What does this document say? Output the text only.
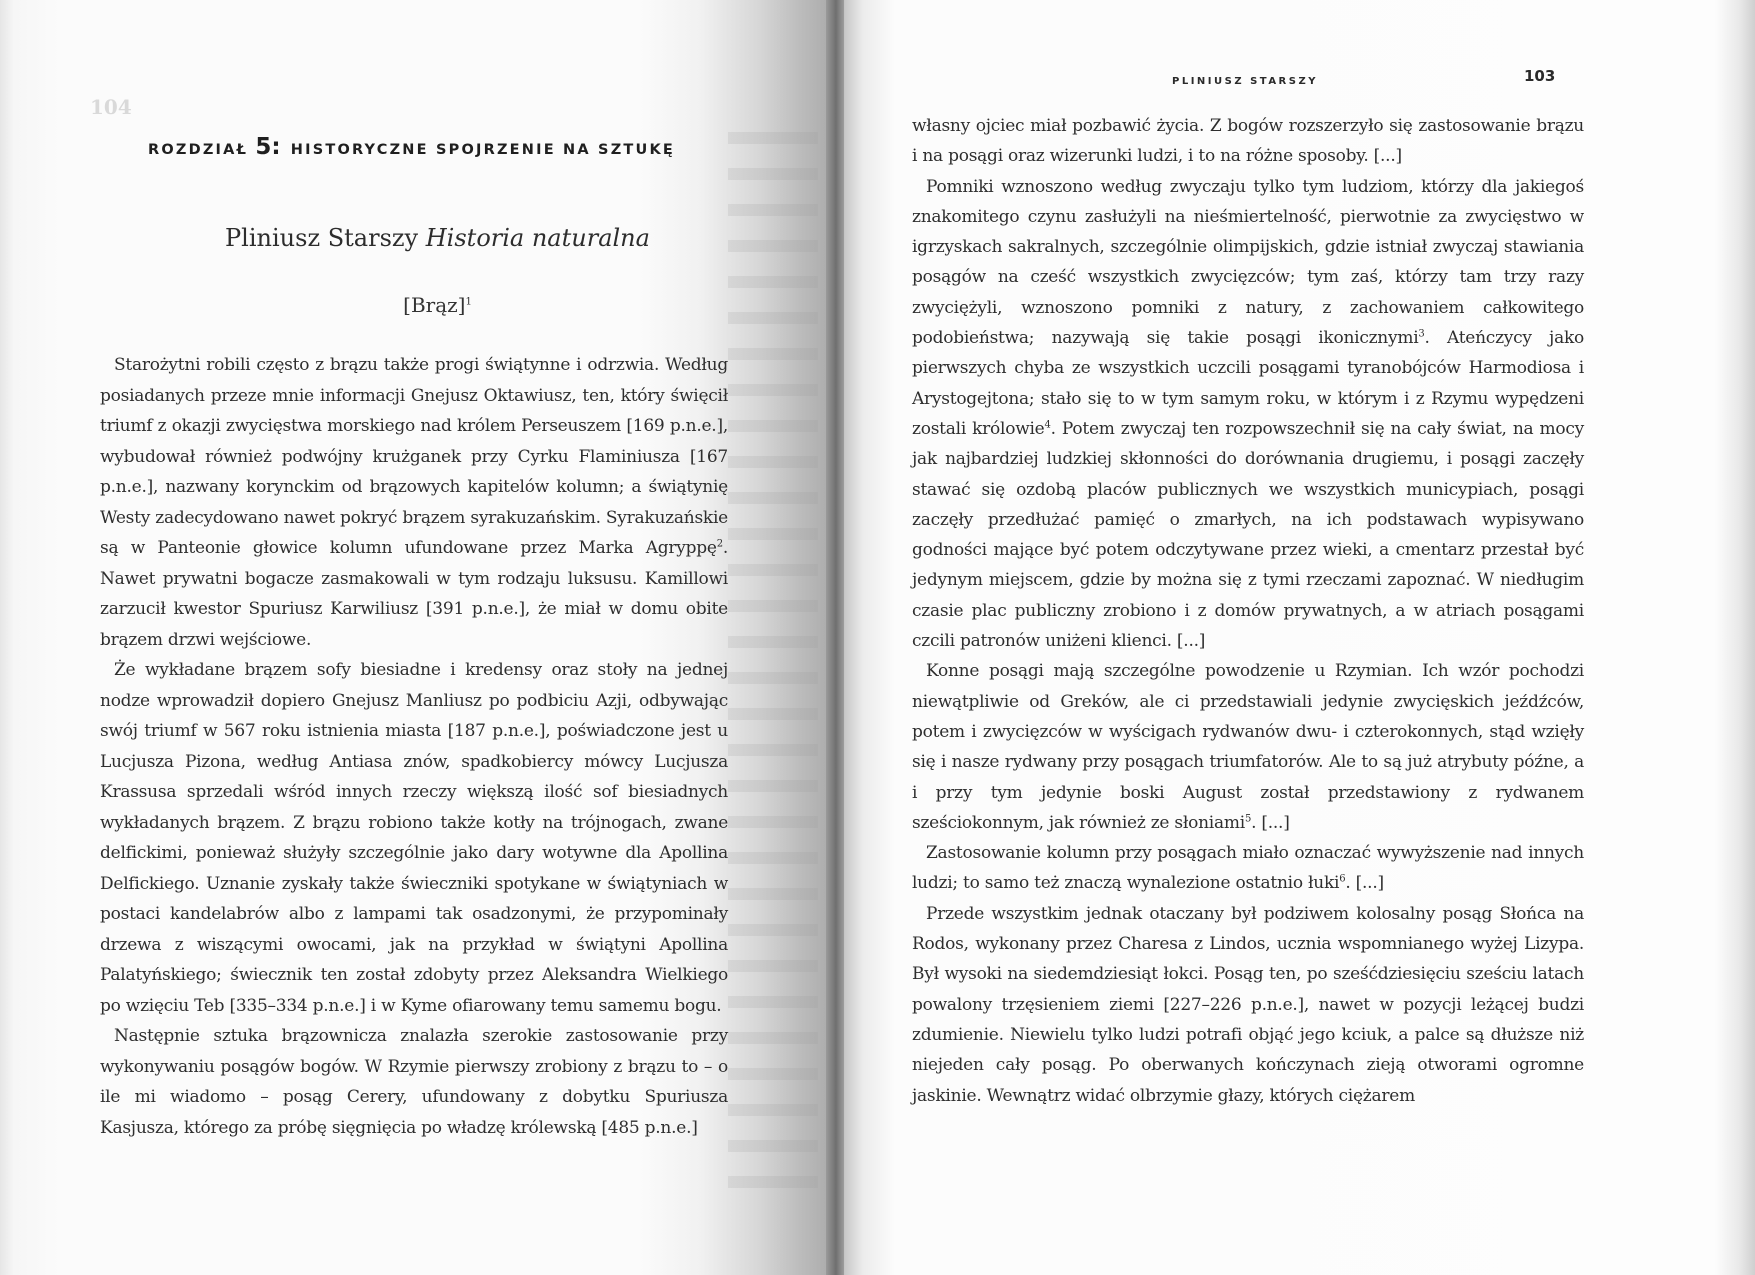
104
ROZDZIAŁ 5: HISTORYCZNE SPOJRZENIE NA SZTUKĘ
Pliniusz Starszy Historia naturalna
[Brąz]$^1$

Starożytni robili często z brązu także progi świątynne i odrzwia. Według posiadanych przeze mnie informacji Gnejusz Oktawiusz, ten, który święcił triumf z okazji zwycięstwa morskiego nad królem Perseuszem [169 p.n.e.], wybudował również podwójny krużganek przy Cyrku Flaminiusza [167 p.n.e.], nazwany korynckim od brązowych kapitelów kolumn; a świątynię Westy zadecydowano nawet pokryć brązem syrakuzańskim. Syrakuzańskie są w Panteonie głowice kolumn ufundowane przez Marka Agryppę$^2$. Nawet prywatni bogacze zasmakowali w tym rodzaju luksusu. Kamillowi zarzucił kwestor Spuriusz Karwiliusz [391 p.n.e.], że miał w domu obite brązem drzwi wejściowe.

Że wykładane brązem sofy biesiadne i kredensy oraz stoły na jednej nodze wprowadził dopiero Gnejusz Manliusz po podbiciu Azji, odbywając swój triumf w 567 roku istnienia miasta [187 p.n.e.], poświadczone jest u Lucjusza Pizona, według Antiasa znów, spadkobiercy mówcy Lucjusza Krassusa sprzedali wśród innych rzeczy większą ilość sof biesiadnych wykładanych brązem. Z brązu robiono także kotły na trójnogach, zwane delfickimi, ponieważ służyły szczególnie jako dary wotywne dla Apollina Delfickiego. Uznanie zyskały także świeczniki spotykane w świątyniach w postaci kandelabrów albo z lampami tak osadzonymi, że przypominały drzewa z wiszącymi owocami, jak na przykład w świątyni Apollina Palatyńskiego; świecznik ten został zdobyty przez Aleksandra Wielkiego po wzięciu Teb [335–334 p.n.e.] i w Kyme ofiarowany temu samemu bogu.

Następnie sztuka brązownicza znalazła szerokie zastosowanie przy wykonywaniu posągów bogów. W Rzymie pierwszy zrobiony z brązu to – o ile mi wiadomo – posąg Cerery, ufundowany z dobytku Spuriusza Kasjusza, którego za próbę sięgnięcia po władzę królewską [485 p.n.e.]

PLINIUSZ STARSZY	103

własny ojciec miał pozbawić życia. Z bogów rozszerzyło się zastosowanie brązu i na posągi oraz wizerunki ludzi, i to na różne sposoby. [...]

Pomniki wznoszono według zwyczaju tylko tym ludziom, którzy dla jakiegoś znakomitego czynu zasłużyli na nieśmiertelność, pierwotnie za zwycięstwo w igrzyskach sakralnych, szczególnie olimpijskich, gdzie istniał zwyczaj stawiania posągów na cześć wszystkich zwycięzców; tym zaś, którzy tam trzy razy zwyciężyli, wznoszono pomniki z natury, z zachowaniem całkowitego podobieństwa; nazywają się takie posągi ikonicznymi$^3$. Ateńczycy jako pierwszych chyba ze wszystkich uczcili posągami tyranobójców Harmodiosa i Arystogejtona; stało się to w tym samym roku, w którym i z Rzymu wypędzeni zostali królowie$^4$. Potem zwyczaj ten rozpowszechnił się na cały świat, na mocy jak najbardziej ludzkiej skłonności do dorównania drugiemu, i posągi zaczęły stawać się ozdobą placów publicznych we wszystkich municypiach, posągi zaczęły przedłużać pamięć o zmarłych, na ich podstawach wypisywano godności mające być potem odczytywane przez wieki, a cmentarz przestał być jedynym miejscem, gdzie by można się z tymi rzeczami zapoznać. W niedługim czasie plac publiczny zrobiono i z domów prywatnych, a w atriach posągami czcili patronów uniżeni klienci. [...]

Konne posągi mają szczególne powodzenie u Rzymian. Ich wzór pochodzi niewątpliwie od Greków, ale ci przedstawiali jedynie zwycięskich jeźdźców, potem i zwycięzców w wyścigach rydwanów dwu- i czterokonnych, stąd wzięły się i nasze rydwany przy posągach triumfatorów. Ale to są już atrybuty późne, a i przy tym jedynie boski August został przedstawiony z rydwanem sześciokonnym, jak również ze słoniami$^5$. [...]

Zastosowanie kolumn przy posągach miało oznaczać wywyższenie nad innych ludzi; to samo też znaczą wynalezione ostatnio łuki$^6$. [...]

Przede wszystkim jednak otaczany był podziwem kolosalny posąg Słońca na Rodos, wykonany przez Charesa z Lindos, ucznia wspomnianego wyżej Lizypa. Był wysoki na siedemdziesiąt łokci. Posąg ten, po sześćdziesięciu sześciu latach powalony trzęsieniem ziemi [227–226 p.n.e.], nawet w pozycji leżącej budzi zdumienie. Niewielu tylko ludzi potrafi objąć jego kciuk, a palce są dłuższe niż niejeden cały posąg. Po oberwanych kończynach zieją otworami ogromne jaskinie. Wewnątrz widać olbrzymie głazy, których ciężarem
